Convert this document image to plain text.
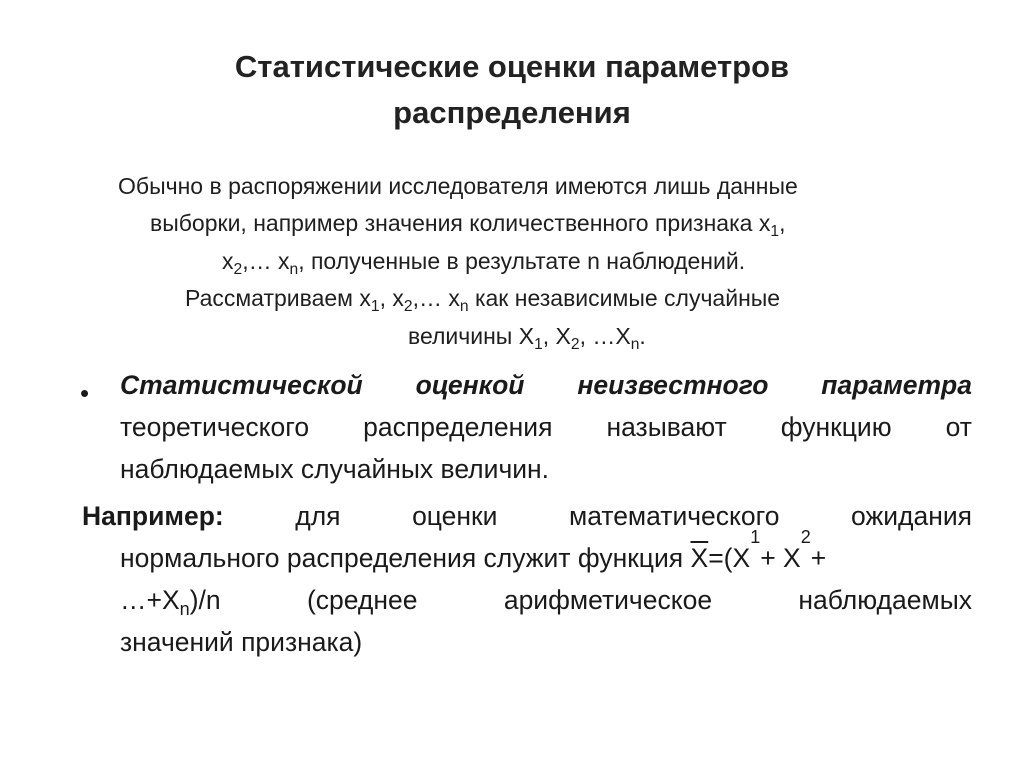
Статистические оценки параметров
распределения
Обычно в распоряжении исследователя имеются лишь данные
выборки, например значения количественного признака $x_1$,
$x_2,\dots$ $x_n$, полученные в результате n наблюдений.
Рассматриваем $x_1$, $x_2,\dots$ $x_n$ как независимые случайные
величины $X_1$, $X_2$, $\dots X_n$.
• Статистической оценкой неизвестного параметра
теоретического распределения называют функцию от
наблюдаемых случайных величин.
Например:	для	оценки	математического	ожидания
нормального распределения служит функция $\overline{X} =(X$
1
+ X
2
+
$\dots+X_n)/n$	(среднее	арифметическое	наблюдаемых
значений признака)
